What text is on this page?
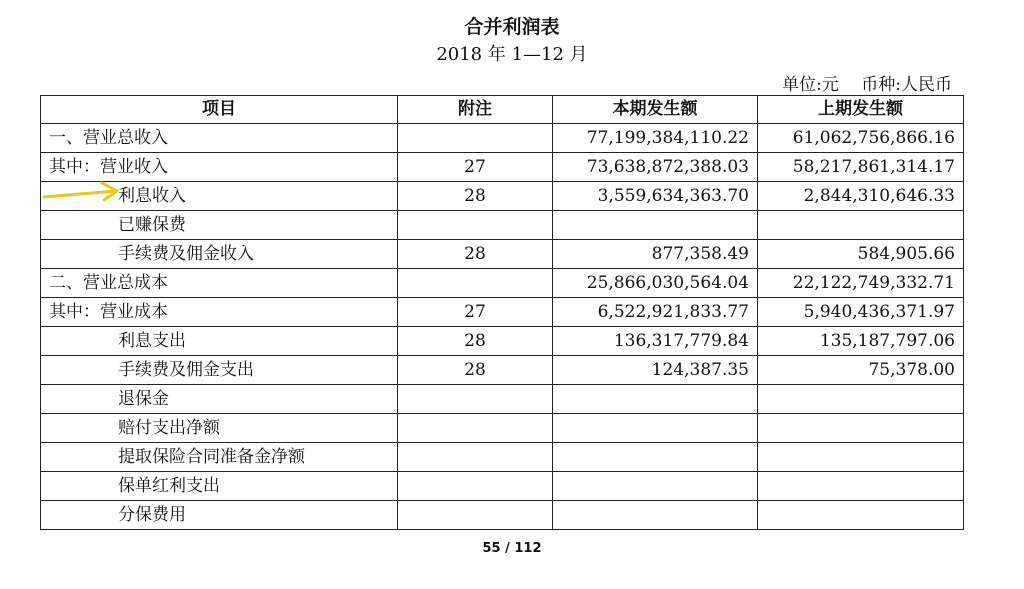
合并利润表
2018 年 1—12 月
单位:元　 币种:人民币
项目	附注	本期发生额	上期发生额
一、营业总收入		77,199,384,110.22	61,062,756,866.16
其中：营业收入	27	73,638,872,388.03	58,217,861,314.17
利息收入	28	3,559,634,363.70	2,844,310,646.33
已赚保费			
手续费及佣金收入	28	877,358.49	584,905.66
二、营业总成本		25,866,030,564.04	22,122,749,332.71
其中：营业成本	27	6,522,921,833.77	5,940,436,371.97
利息支出	28	136,317,779.84	135,187,797.06
手续费及佣金支出	28	124,387.35	75,378.00
退保金			
赔付支出净额			
提取保险合同准备金净额			
保单红利支出			
分保费用			
55 / 112
